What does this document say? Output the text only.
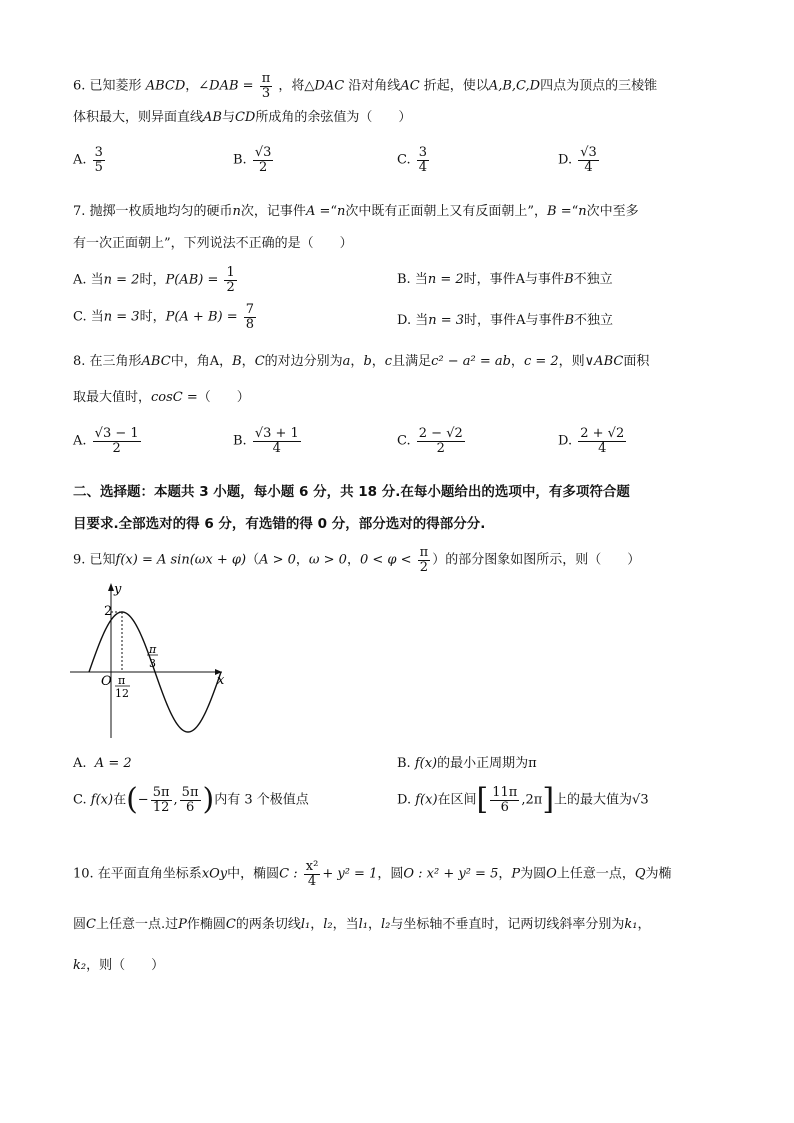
6. 已知菱形 ABCD，∠DAB = $\frac{\pi}{3}$ ，将△DAC 沿对角线AC 折起，使以A,B,C,D四点为顶点的三棱锥
体积最大，则异面直线AB与CD所成角的余弦值为（　　）
A. $\frac{3}{5}$	B. $\frac{√3}{2}$	C. $\frac{3}{4}$	D. $\frac{√3}{4}$
7. 抛掷一枚质地均匀的硬币n次，记事件A =“n次中既有正面朝上又有反面朝上”，B =“n次中至多
有一次正面朝上”，下列说法不正确的是（　　）
A. 当n = 2时，$P(AB) = \frac{1}{2}$	B. 当n = 2时，事件A与事件B不独立
C. 当n = 3时，$P(A + B) = \frac{7}{8}$	D. 当n = 3时，事件A与事件B不独立
8. 在三角形ABC中，角A，B，C的对边分别为a，b，c且满足c² − a² = ab，c = 2，则∨ABC面积
取最大值时，cosC =（　　）
A. $\frac{√3 - 1}{2}$	B. $\frac{√3 + 1}{4}$	C. $\frac{2 - √2}{2}$	D. $\frac{2 + √2}{4}$
二、选择题：本题共 3 小题，每小题 6 分，共 18 分.在每小题给出的选项中，有多项符合题
目要求.全部选对的得 6 分，有选错的得 0 分，部分选对的得部分分.
9. 已知f(x) = A sin(ωx + φ)（A > 0，ω > 0，$0 < \varphi < \frac{\pi}{2}$ ）的部分图象如图所示，则（　　）
y
x
O
2
π
12
π
3
A. A = 2	B. f(x)的最小正周期为π
C. f(x)在(− $\frac{5\pi}{12}$ , $\frac{5\pi}{6}$ )内有 3 个极值点	D. f(x)在区间[ $\frac{11\pi}{6} ,2\pi$]上的最大值为√3
10. 在平面直角坐标系xOy中，椭圆C : $\frac{\text{x²}}{4} + y^2 = 1$，圆O : x² + y² = 5，P为圆O上任意一点，Q为椭
圆C上任意一点.过P作椭圆C的两条切线l₁，l₂，当l₁，l₂与坐标轴不垂直时，记两切线斜率分别为k₁，
k₂，则（　　）
